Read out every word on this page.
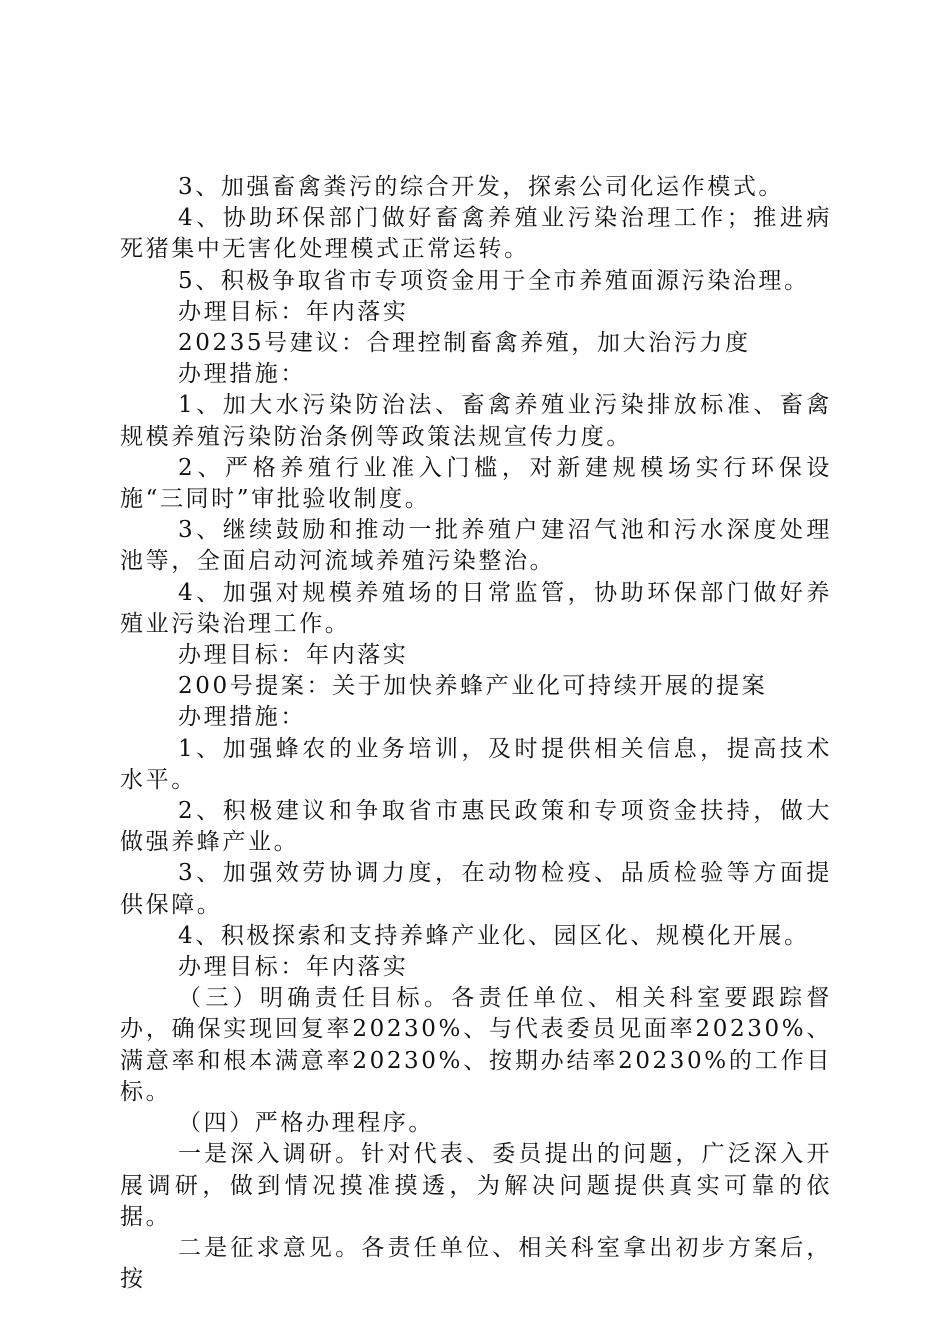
3、加强畜禽粪污的综合开发，探索公司化运作模式。

4、协助环保部门做好畜禽养殖业污染治理工作；推进病死猪集中无害化处理模式正常运转。

5、积极争取省市专项资金用于全市养殖面源污染治理。

办理目标：年内落实

20235号建议：合理控制畜禽养殖，加大治污力度

办理措施：

1、加大水污染防治法、畜禽养殖业污染排放标准、畜禽规模养殖污染防治条例等政策法规宣传力度。

2、严格养殖行业准入门槛，对新建规模场实行环保设施“三同时”审批验收制度。

3、继续鼓励和推动一批养殖户建沼气池和污水深度处理池等，全面启动河流域养殖污染整治。

4、加强对规模养殖场的日常监管，协助环保部门做好养殖业污染治理工作。

办理目标：年内落实

200号提案：关于加快养蜂产业化可持续开展的提案

办理措施：

1、加强蜂农的业务培训，及时提供相关信息，提高技术水平。

2、积极建议和争取省市惠民政策和专项资金扶持，做大做强养蜂产业。

3、加强效劳协调力度，在动物检疫、品质检验等方面提供保障。

4、积极探索和支持养蜂产业化、园区化、规模化开展。

办理目标：年内落实

（三）明确责任目标。各责任单位、相关科室要跟踪督办，确保实现回复率20230%、与代表委员见面率20230%、满意率和根本满意率20230%、按期办结率20230%的工作目标。

（四）严格办理程序。

一是深入调研。针对代表、委员提出的问题，广泛深入开展调研，做到情况摸准摸透，为解决问题提供真实可靠的依据。

二是征求意见。各责任单位、相关科室拿出初步方案后，按
